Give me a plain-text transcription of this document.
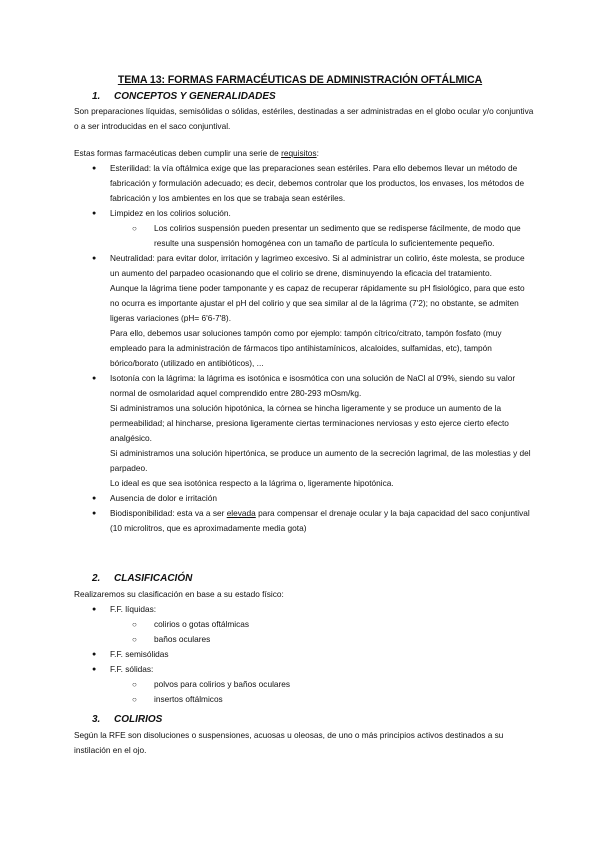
TEMA 13: FORMAS FARMACÉUTICAS DE ADMINISTRACIÓN OFTÁLMICA
1. CONCEPTOS Y GENERALIDADES
Son preparaciones líquidas, semisólidas o sólidas, estériles, destinadas a ser administradas en el globo ocular y/o conjuntiva o a ser introducidas en el saco conjuntival.
Estas formas farmacéuticas deben cumplir una serie de requisitos:
● Esterilidad: la vía oftálmica exige que las preparaciones sean estériles. Para ello debemos llevar un método de fabricación y formulación adecuado; es decir, debemos controlar que los productos, los envases, los métodos de fabricación y los ambientes en los que se trabaja sean estériles.
● Limpidez en los colirios solución.
○ Los colirios suspensión pueden presentar un sedimento que se redisperse fácilmente, de modo que resulte una suspensión homogénea con un tamaño de partícula lo suficientemente pequeño.
● Neutralidad: para evitar dolor, irritación y lagrimeo excesivo. Si al administrar un colirio, éste molesta, se produce un aumento del parpadeo ocasionando que el colirio se drene, disminuyendo la eficacia del tratamiento.
Aunque la lágrima tiene poder tamponante y es capaz de recuperar rápidamente su pH fisiológico, para que esto no ocurra es importante ajustar el pH del colirio y que sea similar al de la lágrima (7'2); no obstante, se admiten ligeras variaciones (pH= 6'6-7'8).
Para ello, debemos usar soluciones tampón como por ejemplo: tampón cítrico/citrato, tampón fosfato (muy empleado para la administración de fármacos tipo antihistamínicos, alcaloides, sulfamidas, etc), tampón bórico/borato (utilizado en antibióticos), ...
● Isotonía con la lágrima: la lágrima es isotónica e isosmótica con una solución de NaCl al 0'9%, siendo su valor normal de osmolaridad aquel comprendido entre 280-293 mOsm/kg.
Si administramos una solución hipotónica, la córnea se hincha ligeramente y se produce un aumento de la permeabilidad; al hincharse, presiona ligeramente ciertas terminaciones nerviosas y esto ejerce cierto efecto analgésico.
Si administramos una solución hipertónica, se produce un aumento de la secreción lagrimal, de las molestias y del parpadeo.
Lo ideal es que sea isotónica respecto a la lágrima o, ligeramente hipotónica.
● Ausencia de dolor e irritación
● Biodisponibilidad: esta va a ser elevada para compensar el drenaje ocular y la baja capacidad del saco conjuntival (10 microlitros, que es aproximadamente media gota)
2. CLASIFICACIÓN
Realizaremos su clasificación en base a su estado físico:
● F.F. líquidas:
○ colirios o gotas oftálmicas
○ baños oculares
● F.F. semisólidas
● F.F. sólidas:
○ polvos para colirios y baños oculares
○ insertos oftálmicos
3. COLIRIOS
Según la RFE son disoluciones o suspensiones, acuosas u oleosas, de uno o más principios activos destinados a su instilación en el ojo.
